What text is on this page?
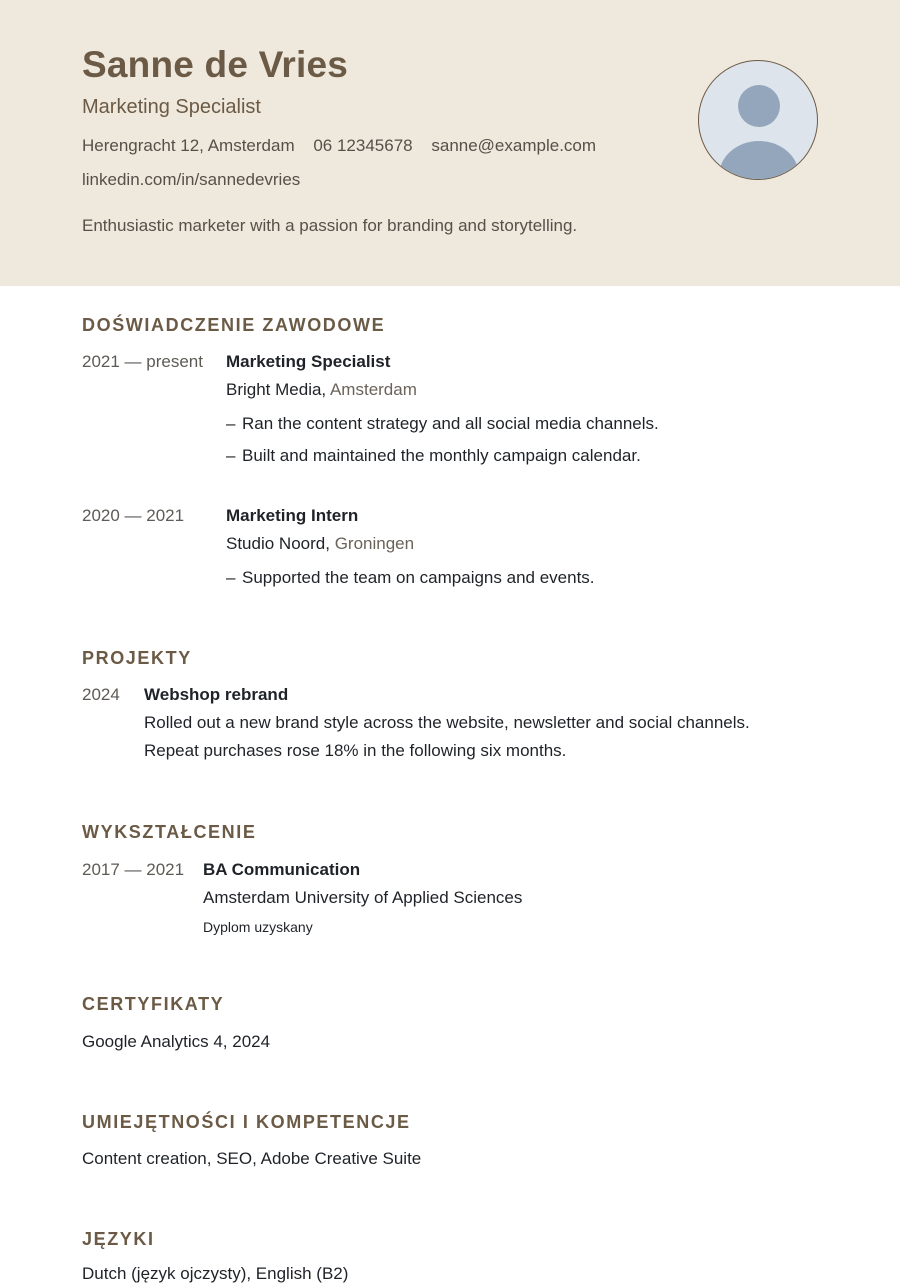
Sanne de Vries
Marketing Specialist
Herengracht 12, Amsterdam 06 12345678 sanne@example.com
linkedin.com/in/sannedevries
Enthusiastic marketer with a passion for branding and storytelling.
DOŚWIADCZENIE ZAWODOWE
2021 — present Marketing Specialist
Bright Media, Amsterdam
– Ran the content strategy and all social media channels.
– Built and maintained the monthly campaign calendar.
2020 — 2021 Marketing Intern
Studio Noord, Groningen
– Supported the team on campaigns and events.
PROJEKTY
2024 Webshop rebrand
Rolled out a new brand style across the website, newsletter and social channels.
Repeat purchases rose 18% in the following six months.
WYKSZTAŁCENIE
2017 — 2021 BA Communication
Amsterdam University of Applied Sciences
Dyplom uzyskany
CERTYFIKATY
Google Analytics 4, 2024
UMIEJĘTNOŚCI I KOMPETENCJE
Content creation, SEO, Adobe Creative Suite
JĘZYKI
Dutch (język ojczysty), English (B2)
